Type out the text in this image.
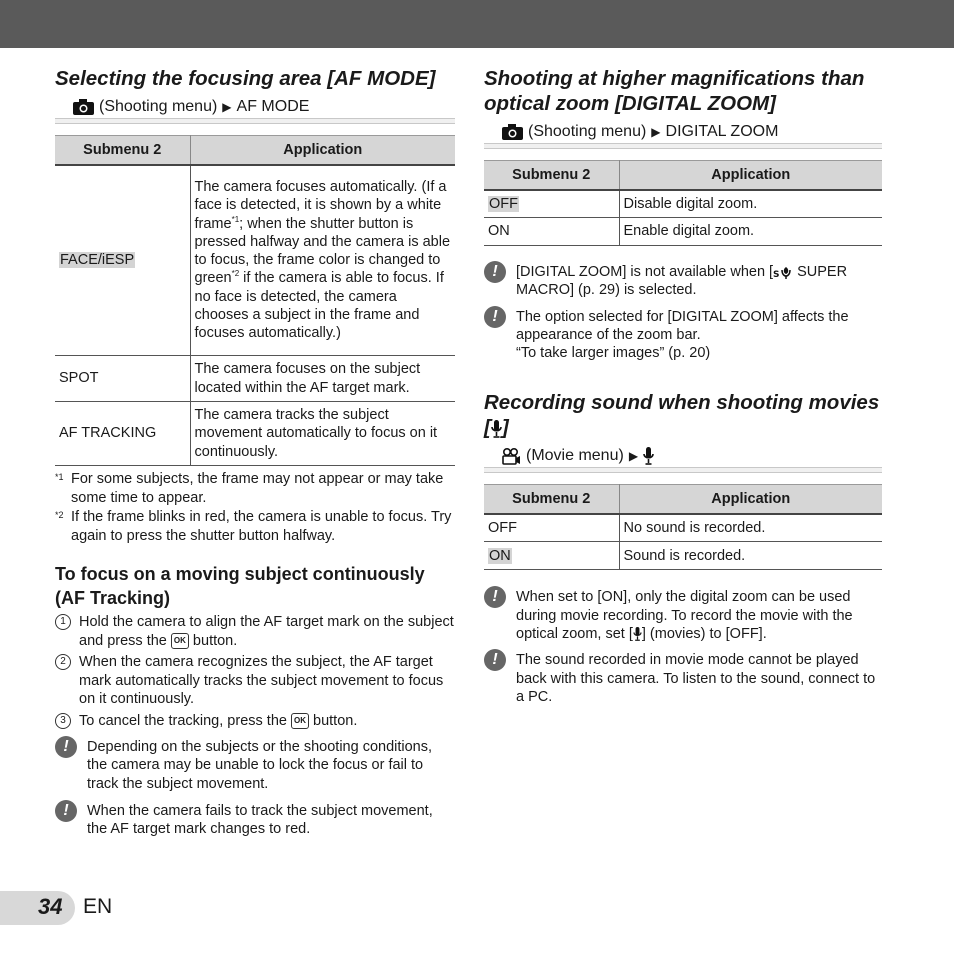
Selecting the focusing area [AF MODE]
(Shooting menu) ▶ AF MODE
Submenu 2	Application
FACE/iESP	The camera focuses automatically. (If a face is detected, it is shown by a white frame$^{*1}$; when the shutter button is pressed halfway and the camera is able to focus, the frame color is changed to green$^{*2}$ if the camera is able to focus. If no face is detected, the camera chooses a subject in the frame and focuses automatically.)
SPOT	The camera focuses on the subject located within the AF target mark.
AF TRACKING	The camera tracks the subject movement automatically to focus on it continuously.
*1 For some subjects, the frame may not appear or may take some time to appear.
*2 If the frame blinks in red, the camera is unable to focus. Try again to press the shutter button halfway.
To focus on a moving subject continuously (AF Tracking)
1 Hold the camera to align the AF target mark on the subject and press the OK button.
2 When the camera recognizes the subject, the AF target mark automatically tracks the subject movement to focus on it continuously.
3 To cancel the tracking, press the OK button.
!	Depending on the subjects or the shooting conditions, the camera may be unable to lock the focus or fail to track the subject movement.
!	When the camera fails to track the subject movement, the AF target mark changes to red.
Shooting at higher magnifications than optical zoom [DIGITAL ZOOM]
(Shooting menu) ▶ DIGITAL ZOOM
Submenu 2	Application
OFF	Disable digital zoom.
ON	Enable digital zoom.
!	[DIGITAL ZOOM] is not available when [ S SUPER MACRO] (p. 29) is selected.
!	The option selected for [DIGITAL ZOOM] affects the appearance of the zoom bar.
“To take larger images” (p. 20)
Recording sound when shooting movies [ ]
(Movie menu) ▶
Submenu 2	Application
OFF	No sound is recorded.
ON	Sound is recorded.
!	When set to [ON], only the digital zoom can be used during movie recording. To record the movie with the optical zoom, set [ ] (movies) to [OFF].
!	The sound recorded in movie mode cannot be played back with this camera. To listen to the sound, connect to a PC.
34 EN
